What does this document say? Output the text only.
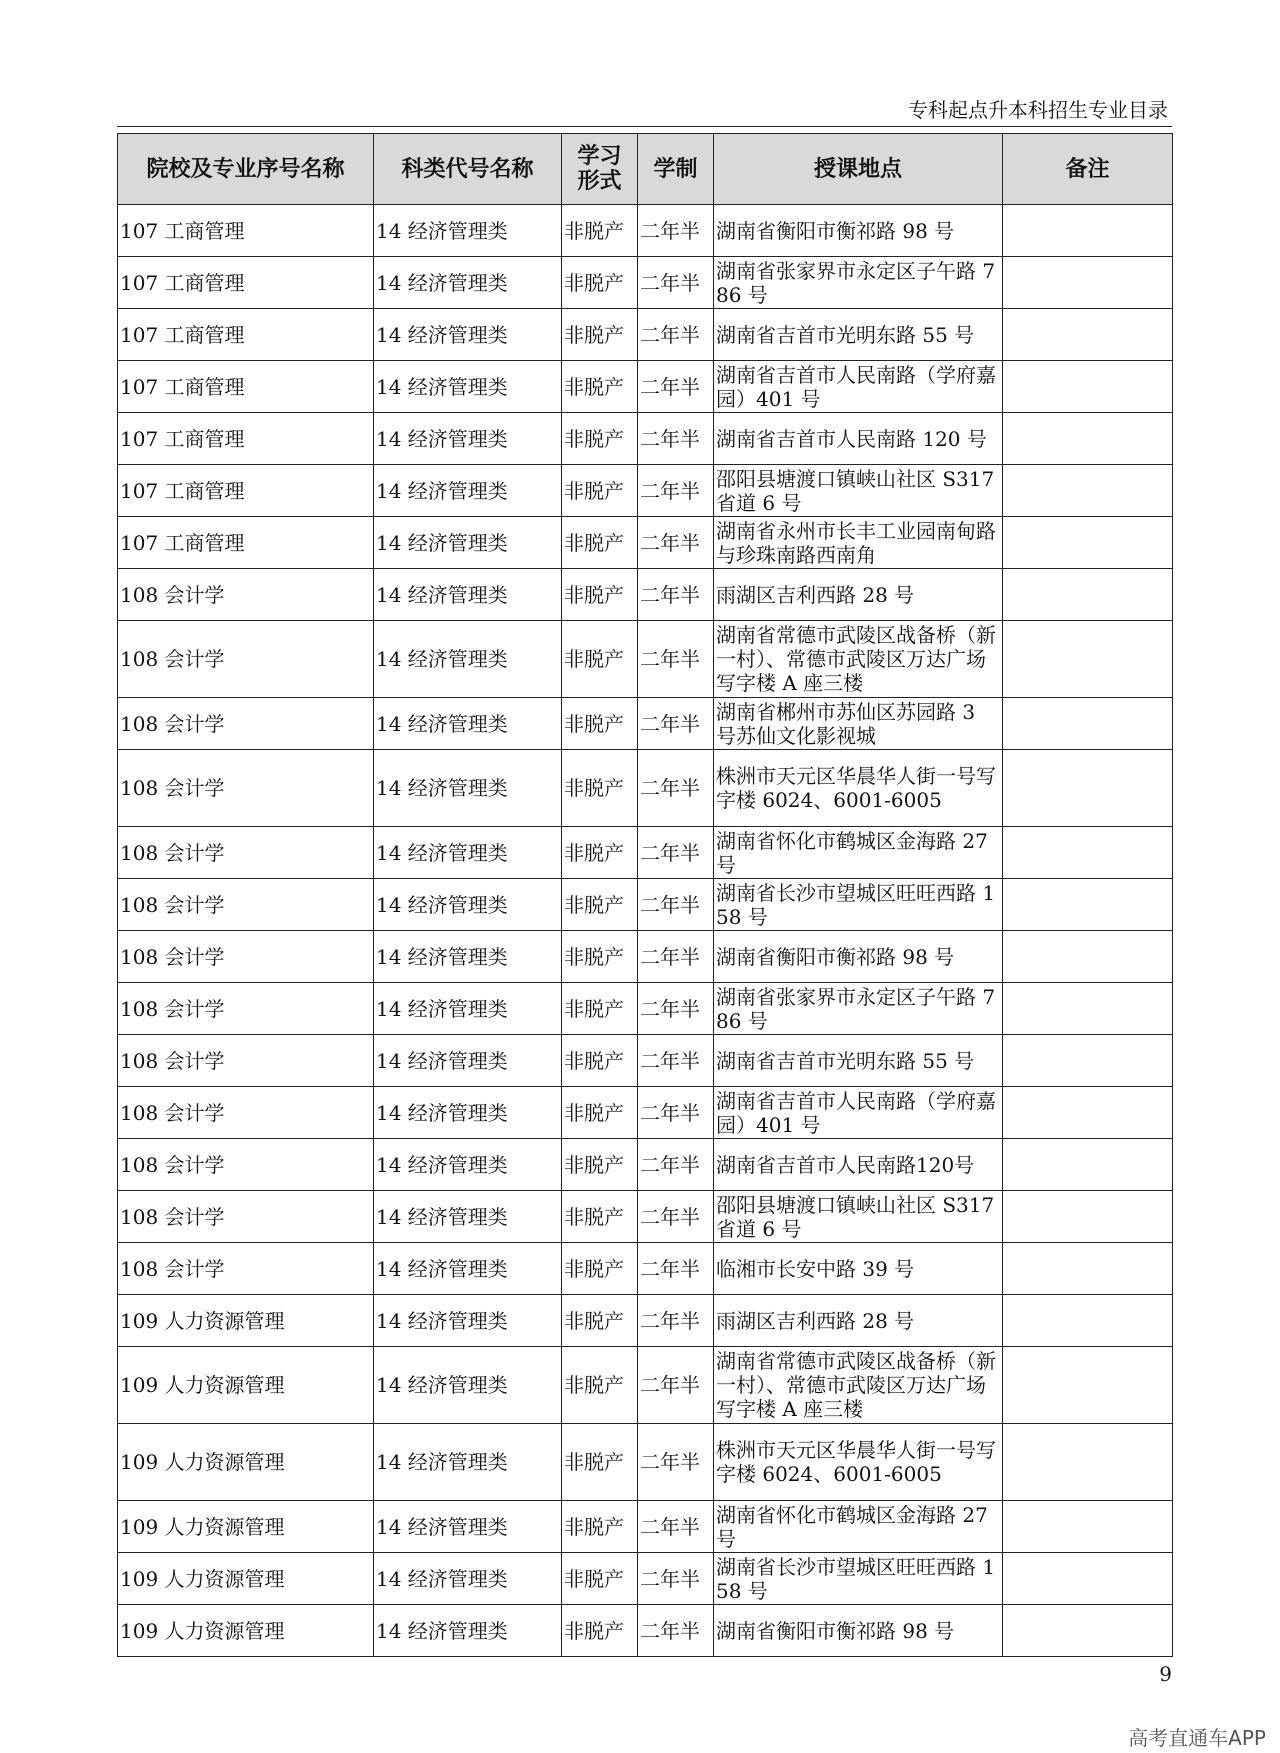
专科起点升本科招生专业目录
院校及专业序号名称	科类代号名称	学习
形式	学制	授课地点	备注
107 工商管理	14 经济管理类	非脱产	二年半	湖南省衡阳市衡祁路 98 号	
107 工商管理	14 经济管理类	非脱产	二年半	湖南省张家界市永定区子午路 786 号	
107 工商管理	14 经济管理类	非脱产	二年半	湖南省吉首市光明东路 55 号	
107 工商管理	14 经济管理类	非脱产	二年半	湖南省吉首市人民南路（学府嘉园）401 号	
107 工商管理	14 经济管理类	非脱产	二年半	湖南省吉首市人民南路 120 号	
107 工商管理	14 经济管理类	非脱产	二年半	邵阳县塘渡口镇峡山社区 S317 省道 6 号	
107 工商管理	14 经济管理类	非脱产	二年半	湖南省永州市长丰工业园南甸路与珍珠南路西南角	
108 会计学	14 经济管理类	非脱产	二年半	雨湖区吉利西路 28 号	
108 会计学	14 经济管理类	非脱产	二年半	湖南省常德市武陵区战备桥（新一村）、常德市武陵区万达广场写字楼 A 座三楼	
108 会计学	14 经济管理类	非脱产	二年半	湖南省郴州市苏仙区苏园路 3 号苏仙文化影视城	
108 会计学	14 经济管理类	非脱产	二年半	株洲市天元区华晨华人街一号写字楼 6024、6001-6005	
108 会计学	14 经济管理类	非脱产	二年半	湖南省怀化市鹤城区金海路 27 号	
108 会计学	14 经济管理类	非脱产	二年半	湖南省长沙市望城区旺旺西路 158 号	
108 会计学	14 经济管理类	非脱产	二年半	湖南省衡阳市衡祁路 98 号	
108 会计学	14 经济管理类	非脱产	二年半	湖南省张家界市永定区子午路 786 号	
108 会计学	14 经济管理类	非脱产	二年半	湖南省吉首市光明东路 55 号	
108 会计学	14 经济管理类	非脱产	二年半	湖南省吉首市人民南路（学府嘉园）401 号	
108 会计学	14 经济管理类	非脱产	二年半	湖南省吉首市人民南路120号	
108 会计学	14 经济管理类	非脱产	二年半	邵阳县塘渡口镇峡山社区 S317 省道 6 号	
108 会计学	14 经济管理类	非脱产	二年半	临湘市长安中路 39 号	
109 人力资源管理	14 经济管理类	非脱产	二年半	雨湖区吉利西路 28 号	
109 人力资源管理	14 经济管理类	非脱产	二年半	湖南省常德市武陵区战备桥（新一村）、常德市武陵区万达广场写字楼 A 座三楼	
109 人力资源管理	14 经济管理类	非脱产	二年半	株洲市天元区华晨华人街一号写字楼 6024、6001-6005	
109 人力资源管理	14 经济管理类	非脱产	二年半	湖南省怀化市鹤城区金海路 27 号	
109 人力资源管理	14 经济管理类	非脱产	二年半	湖南省长沙市望城区旺旺西路 158 号	
109 人力资源管理	14 经济管理类	非脱产	二年半	湖南省衡阳市衡祁路 98 号	
9
高考直通车APP
